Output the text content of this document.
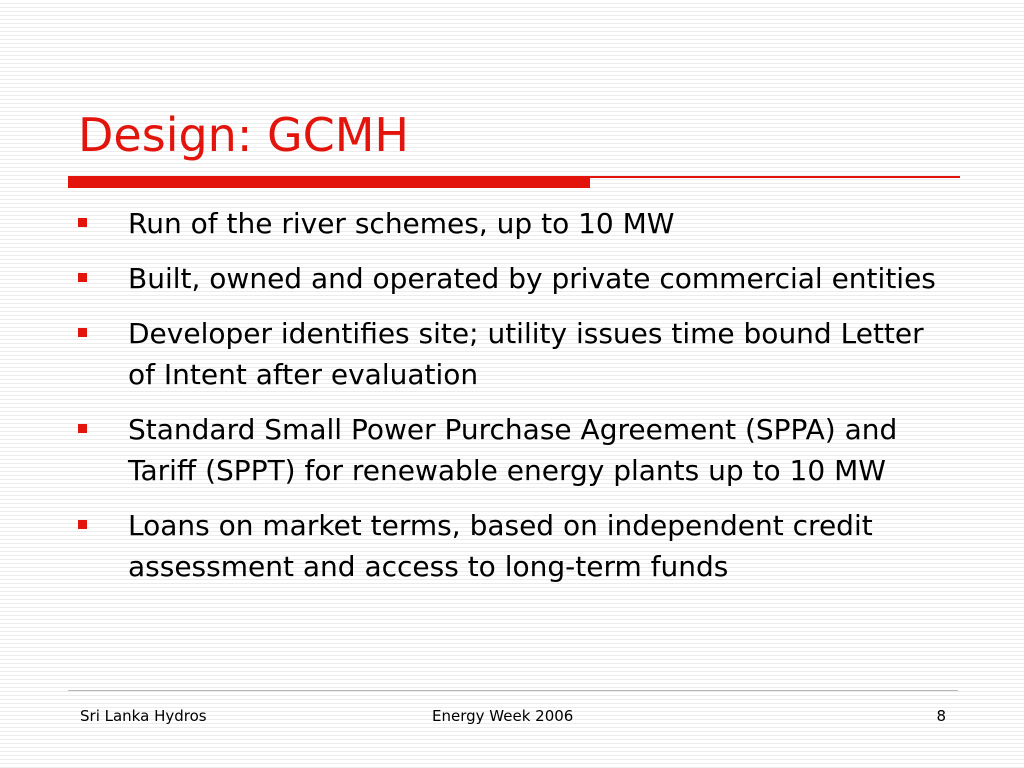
Design: GCMH
Run of the river schemes, up to 10 MW
Built, owned and operated by private commercial entities
Developer identifies site; utility issues time bound Letter of Intent after evaluation
Standard Small Power Purchase Agreement (SPPA) and Tariff (SPPT) for renewable energy plants up to 10 MW
Loans on market terms, based on independent credit assessment and access to long-term funds
Sri Lanka Hydros	Energy Week 2006	8
